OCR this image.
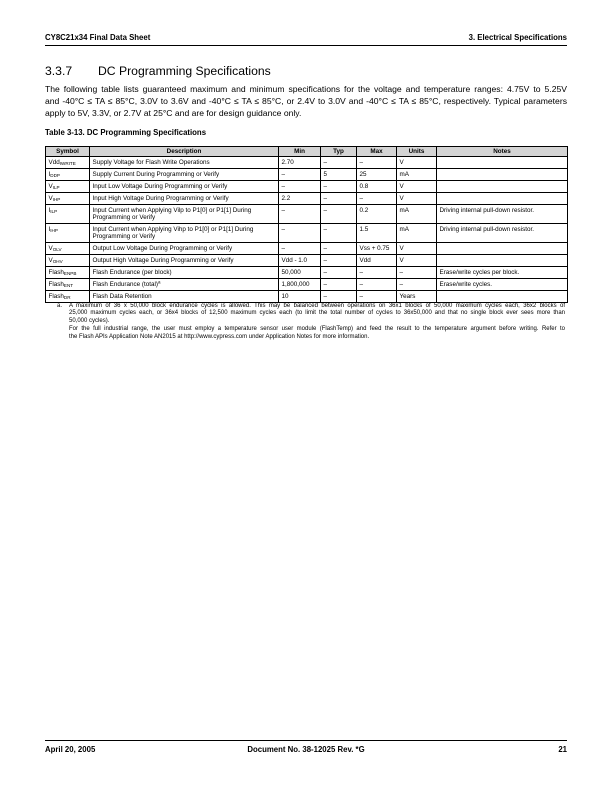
CY8C21x34 Final Data Sheet	3. Electrical Specifications
3.3.7 DC Programming Specifications
The following table lists guaranteed maximum and minimum specifications for the voltage and temperature ranges: 4.75V to 5.25V
and -40°C ≤ TA ≤ 85°C, 3.0V to 3.6V and -40°C ≤ TA ≤ 85°C, or 2.4V to 3.0V and -40°C ≤ TA ≤ 85°C, respectively. Typical parameters
apply to 5V, 3.3V, or 2.7V at 25°C and are for design guidance only.
Table 3-13. DC Programming Specifications
Symbol	Description	Min	Typ	Max	Units	Notes
Vdd$_{IWRITE}$	Supply Voltage for Flash Write Operations	2.70	–	–	V	
$I_{DDP}$	Supply Current During Programming or Verify	–	5	25	mA	
$V_{ILP}$	Input Low Voltage During Programming or Verify	–	–	0.8	V	
$V_{IHP}$	Input High Voltage During Programming or Verify	2.2	–	–	V	
$I_{ILP}$	Input Current when Applying Vilp to P1[0] or P1[1] During Programming or Verify	–	–	0.2	mA	Driving internal pull-down resistor.
$I_{IHP}$	Input Current when Applying Vihp to P1[0] or P1[1] During Programming or Verify	–	–	1.5	mA	Driving internal pull-down resistor.
$V_{OLV}$	Output Low Voltage During Programming or Verify	–	–	Vss + 0.75	V	
$V_{OHV}$	Output High Voltage During Programming or Verify	Vdd - 1.0	–	Vdd	V	
Flash$_{ENPB}$	Flash Endurance (per block)	50,000	–	–	–	Erase/write cycles per block.
Flash$_{ENT}$	Flash Endurance (total)$^a$	1,800,000	–	–	–	Erase/write cycles.
Flash$_{DR}$	Flash Data Retention	10	–	–	Years	
a. A maximum of 36 x 50,000 block endurance cycles is allowed. This may be balanced between operations on 36x1 blocks of 50,000 maximum cycles each, 36x2 blocks of
25,000 maximum cycles each, or 36x4 blocks of 12,500 maximum cycles each (to limit the total number of cycles to 36x50,000 and that no single block ever sees more than
50,000 cycles).
For the full industrial range, the user must employ a temperature sensor user module (FlashTemp) and feed the result to the temperature argument before writing. Refer to
the Flash APIs Application Note AN2015 at http://www.cypress.com under Application Notes for more information.
April 20, 2005	Document No. 38-12025 Rev. *G	21
